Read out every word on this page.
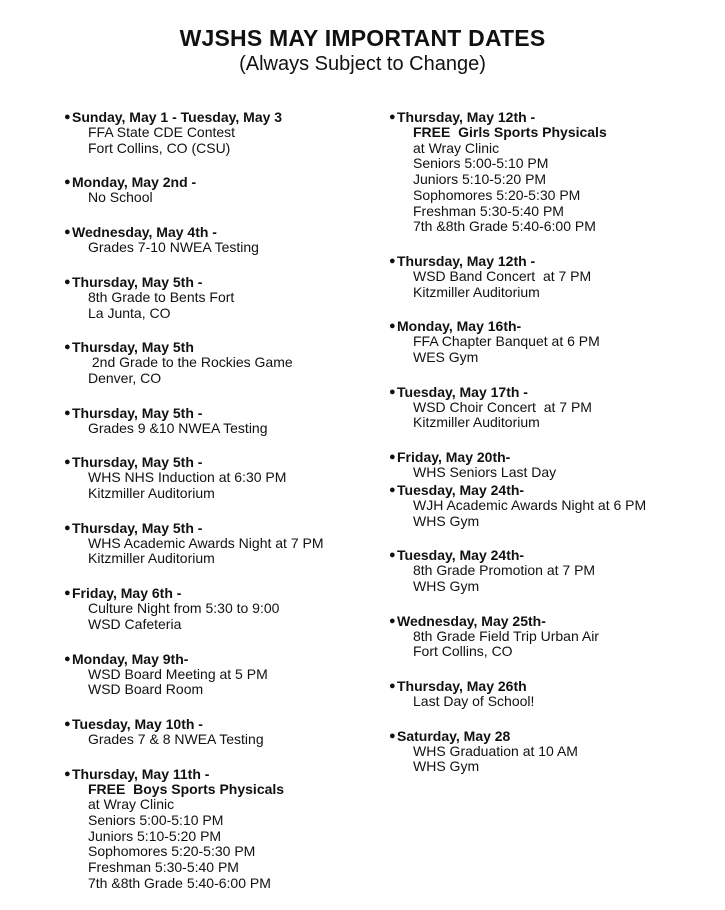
WJSHS MAY IMPORTANT DATES
(Always Subject to Change)
● Sunday, May 1 - Tuesday, May 3
FFA State CDE Contest
Fort Collins, CO (CSU)
● Monday, May 2nd -
No School
● Wednesday, May 4th -
Grades 7-10 NWEA Testing
● Thursday, May 5th -
8th Grade to Bents Fort
La Junta, CO
● Thursday, May 5th
2nd Grade to the Rockies Game
Denver, CO
● Thursday, May 5th -
Grades 9 &10 NWEA Testing
● Thursday, May 5th -
WHS NHS Induction at 6:30 PM
Kitzmiller Auditorium
● Thursday, May 5th -
WHS Academic Awards Night at 7 PM
Kitzmiller Auditorium
● Friday, May 6th -
Culture Night from 5:30 to 9:00
WSD Cafeteria
● Monday, May 9th-
WSD Board Meeting at 5 PM
WSD Board Room
● Tuesday, May 10th -
Grades 7 & 8 NWEA Testing
● Thursday, May 11th -
FREE  Boys Sports Physicals
at Wray Clinic
Seniors 5:00-5:10 PM
Juniors 5:10-5:20 PM
Sophomores 5:20-5:30 PM
Freshman 5:30-5:40 PM
7th &8th Grade 5:40-6:00 PM
● Thursday, May 12th -
FREE  Girls Sports Physicals
at Wray Clinic
Seniors 5:00-5:10 PM
Juniors 5:10-5:20 PM
Sophomores 5:20-5:30 PM
Freshman 5:30-5:40 PM
7th &8th Grade 5:40-6:00 PM
● Thursday, May 12th -
WSD Band Concert  at 7 PM
Kitzmiller Auditorium
● Monday, May 16th-
FFA Chapter Banquet at 6 PM
WES Gym
● Tuesday, May 17th -
WSD Choir Concert  at 7 PM
Kitzmiller Auditorium
● Friday, May 20th-
WHS Seniors Last Day
● Tuesday, May 24th-
WJH Academic Awards Night at 6 PM
WHS Gym
● Tuesday, May 24th-
8th Grade Promotion at 7 PM
WHS Gym
● Wednesday, May 25th-
8th Grade Field Trip Urban Air
Fort Collins, CO
● Thursday, May 26th
Last Day of School!
● Saturday, May 28
WHS Graduation at 10 AM
WHS Gym
